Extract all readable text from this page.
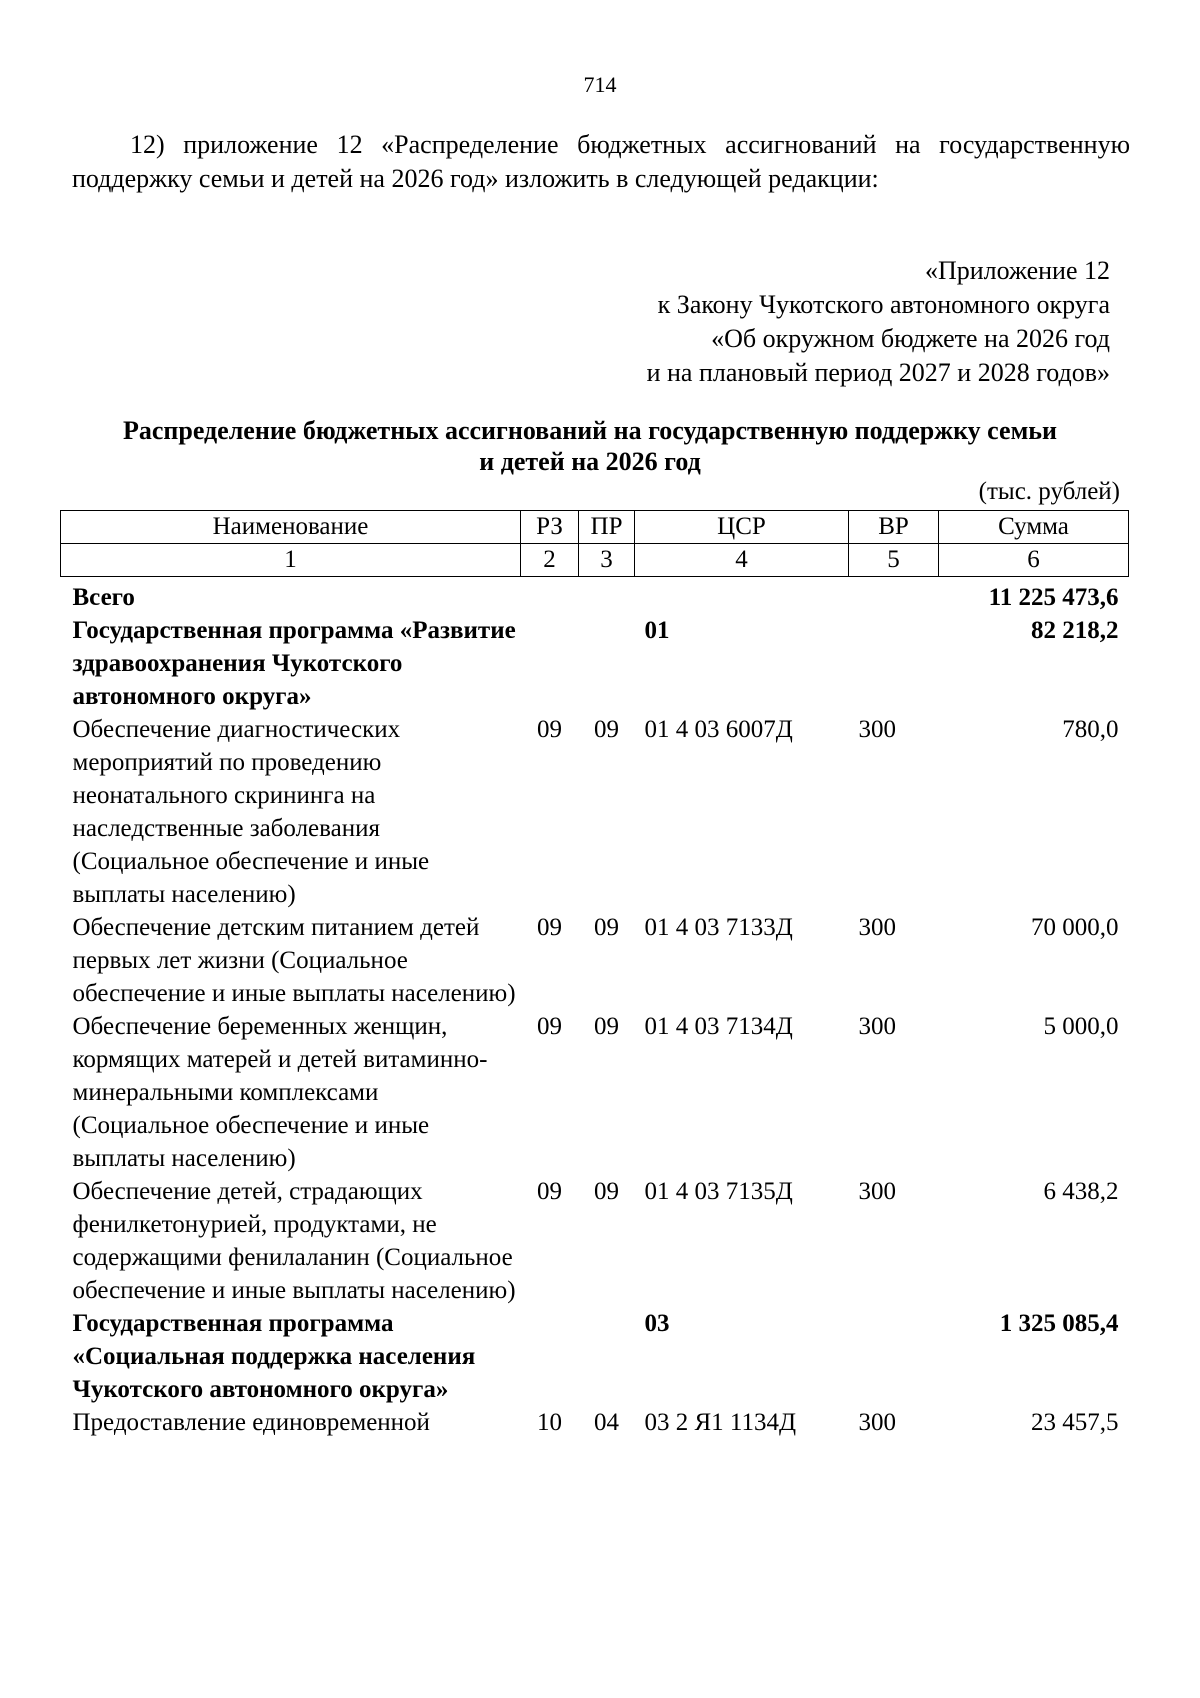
714
12) приложение 12 «Распределение бюджетных ассигнований на государственную поддержку семьи и детей на 2026 год» изложить в следующей редакции:
«Приложение 12
к Закону Чукотского автономного округа
«Об окружном бюджете на 2026 год
и на плановый период 2027 и 2028 годов»
Распределение бюджетных ассигнований на государственную поддержку семьи
и детей на 2026 год
(тыс. рублей)
Наименование	РЗ	ПР	ЦСР	ВР	Сумма
1	2	3	4	5	6
Всего					11 225 473,6
Государственная программа «Развитие здравоохранения Чукотского автономного округа»			01		82 218,2
Обеспечение диагностических мероприятий по проведению неонатального скрининга на наследственные заболевания (Социальное обеспечение и иные выплаты населению)	09	09	01 4 03 6007Д	300	780,0
Обеспечение детским питанием детей первых лет жизни (Социальное обеспечение и иные выплаты населению)	09	09	01 4 03 7133Д	300	70 000,0
Обеспечение беременных женщин, кормящих матерей и детей витаминно-минеральными комплексами (Социальное обеспечение и иные выплаты населению)	09	09	01 4 03 7134Д	300	5 000,0
Обеспечение детей, страдающих фенилкетонурией, продуктами, не содержащими фенилаланин (Социальное обеспечение и иные выплаты населению)	09	09	01 4 03 7135Д	300	6 438,2
Государственная программа «Социальная поддержка населения Чукотского автономного округа»			03		1 325 085,4
Предоставление единовременной	10	04	03 2 Я1 1134Д	300	23 457,5
